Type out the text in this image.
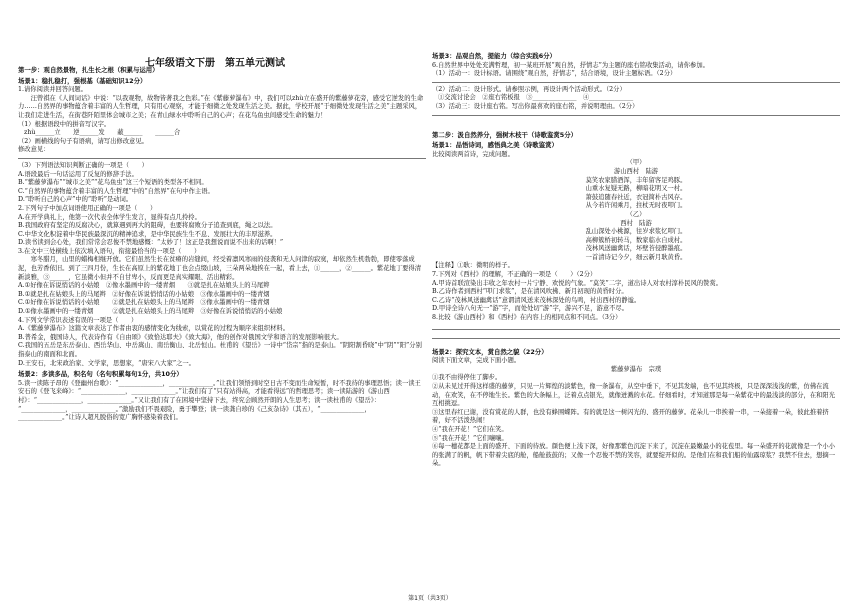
七年级语文下册　第五单元测试
第一步：观自然景物，扎生长之根（积累与运用）
场景1：稳扎稳打，强根基（基础知识12分）

1.请你阅读并回答问题。

　　汪曾祺在《人间词话》中说：“以我观物，故物皆著我之色彩。”在《紫藤萝瀑布》中，我们可以zhù立在盛开的紫藤萝花旁，感受它逆发的生命力……自然界的事物蕴含着丰富的人生哲理，只有用心观察，才能于细微之处发现生活之美。据此，学校开展“于细微处发现生活之美”主题采风，让我们走进生活，在街巷阡陌里体会城市之美；在青山绿水中聆听自己的心声；在花鸟鱼虫间感受生命的魅力！

（1）根据语段中的拼音写汉字。

zhù______立　　逆______发　　蔽______　　______合

（2）画横线的句子有语病，请写出修改意见。

修改意见：

（3）下列语法知识判断正确的一项是（　　）

A.语段最后一句话运用了反复的修辞手法。

B.“紫藤萝瀑布”“城市之美”“花鸟鱼虫”这三个短语的类型各不相同。

C.“自然界的事物蕴含着丰富的人生哲理”中的“自然界”在句中作主语。

D.“聆听自己的心声”中的“聆听”是动词。

2.下列句子中加点词语使用正确的一项是（　　）

A.在开学典礼上，他第一次代表全体学生发言，显得有点几拎拎。

B.我国政府有坚定的反腐决心，就算遇到再大的阻碍，也要将腐败分子追查到底，绳之以法。

C.中华文化积淀着中华民族最深沉的精神追求，是中华民族生生不息、发展壮大的丰厚滋养。

D.读书读到会心处，我们常常会忍俊不禁地感慨：“太妙了！这正是我想说而说不出来的话啊！”

3.在文中三处横线上依次填入语句，衔接最恰当的一项是（　　）

　　寒冬腊月，山里的蜡梅相继开放。它们虽然生长在贫瘠的岩缝间，经受着凛风寒雨的侵袭和无人问津的寂寞，却依然生机勃勃，即使零落成泥，也芳香依旧。到了三四月份，生长在高原上的紫花地丁也会点缀山坡，三朵两朵地挨在一起，看上去，①______，②______。紫花地丁要得清新淡雅，③______，它虽微小但并不自甘卑小，反而更是真实耀眼、活出精彩。

A.①好像在诉说悄话的小姑娘　②像水墨画中的一缕青烟　　③就是扎在姑娘头上的马尾辫

B.①就是扎在姑娘头上的马尾辫　②好像在诉说悄悄话的小姑娘　③像水墨画中的一缕青烟

C.①好像在诉说悄话的小姑娘　　②就是扎在姑娘头上的马尾辫　③像水墨画中的一缕青烟

D.①像水墨画中的一缕青烟　　　②就是扎在姑娘头上的马尾辫　③好像在诉说悄悄话的小姑娘

4.下列文学常识表述有误的一项是（　　）

A.《紫藤萝瀑布》这篇文章表达了作者由衷的感情变化为线索，以赏花的过程为顺序来组织材料。

B.普希金，俄国诗人，代表诗作有《自由颂》《致恰达耶夫》《致大海》，他的创作对俄国文学和语言的发展影响很大。

C.我国的五岳是东岳泰山、西岳华山、中岳嵩山、南岳衡山、北岳恒山。杜甫的《望岳》一诗中“岱宗”指的是泰山。“阴阳割昏晓”中“阴”“阳”分别指泰山的南面和北面。

D.王安石，北宋政治家、文学家，思想家，“唐宋八大家”之一。

场景2：多读多品，积名句（名句积累每句1分，共10分）

5.读一读陈子昂的《登幽州台歌》：“______________，______________。”让我们领悟到时空日古不变而生命短暂，时不我待的事理思悟；读一读王安石的《登飞来峰》：“______________，______________。”让我们有了“只有站得高，才能看得远”的哲理思考；读一读陆游的《游山西村》：“______________，______________。”又让我们有了在困境中坚持下去，终究会顾然开朗的人生思考；读一读杜甫的《望岳》：

“______________，______________。”激励我们不畏艰险，勇于攀登；读一读龚自珍的《己亥杂诗》（其五），“______________，______________。”让诗人超凡脱俗的宽广胸怀感染着我们。

场景3：品观自然，提能力（综合实践6分）

6.自然世界中处处充满哲理，初一某班开展“观自然，抒情志”为主题的座右铭收集活动，请你参加。

（1）活动一：设计标语。请围绕“观自然，抒情志”，结合语境，设计主题标语。（2分）

（2）活动二：设计形式。请参照示例，再设计两个活动形式。（2分）

①交流讨论会　②座右铭板报　③______________　④______________

（3）活动三：设计座右铭。写出你最喜欢的座右铭，并说明理由。（2分）

第二步：汲自然养分，强树木枝干（诗歌鉴赏5分）
场景1：品悟诗词，感悟典之美（诗歌鉴赏）

比较阅读两首诗，完成问题。

（甲）

游山西村　陆游

莫笑农家腊酒浑，丰年留客足鸡豚。

山重水复疑无路，柳暗花明又一村。

箫鼓追随春社近，衣冠简朴古风存。

从今若许闲乘月，拄杖无时夜叩门。

（乙）

西村　陆游

乱山深处小桃源，往岁求浆忆叩门。

高柳簇桥初转马，数家临水自成村。

茂林风送幽禽话，坏壁苔侵醉墨痕。

一首清诗记今夕，细云新月耿黄昏。

【注释】①耿：微明的样子。

7.下列对《西村》的理解，不正确的一项是（　　）（2分）

A.甲诗首联渲染出丰收之年农村一片宁静、欢悦的气象。“莫笑”二字，道出诗人对农村淳朴民风的赞赏。

B.乙诗作者到西村“叩门求浆”，是在清风吹拂、新月初现的黄昏时分。

C.乙诗“茂林风送幽禽话”意谓清风送来茂林深处的鸟鸣，衬出西村的静谧。

D.甲诗全诗八句无一“游”字，而处处切“游”字，游兴不足，游意不尽。

8.比较《游山西村》和《西村》在内容上的相同点和不同点。（3分）

场景2：探究文本，赏自然之貌（22分）

阅读下面文章，完成下面小题。

紫藤萝瀑布　宗璞

①我不由得停住了脚步。

②从未见过开得这样盛的藤萝，只见一片辉煌的淡紫色，像一条瀑布，从空中垂下，不见其发端，也不见其终极，只是深深浅浅的紫，仿佛在流动，在欢笑，在不停地生长。紫色的大条幅上，泛着点点银光，就像迸溅的水花。仔细看时，才知道那是每一朵紫花中的最浅淡的部分，在和阳光互相挑逗。

③这里春红已谢，没有赏花的人群，也没有蜂围蝶阵。有的就是这一树闪光的、盛开的藤萝。花朵儿一串挨着一串，一朵接着一朵，彼此推着挤着，好不活泼热闹！

④“我在开花！”它们在笑。

⑤“我在开花！”它们嚷嚷。

⑥每一穗花都是上面的盛开、下面的待放。颜色便上浅下深，好像那紫色沉淀下来了，沉淀在最嫩最小的花苞里。每一朵盛开的花就像是一个小小的张满了的帆，帆下带着尖底的舱，船舱鼓鼓的；又像一个忍俊不禁的笑容，就要绽开似的。是他们在和我们船的仙露琼浆？我禁不住去，想摘一朵。

第1页（共3页）
